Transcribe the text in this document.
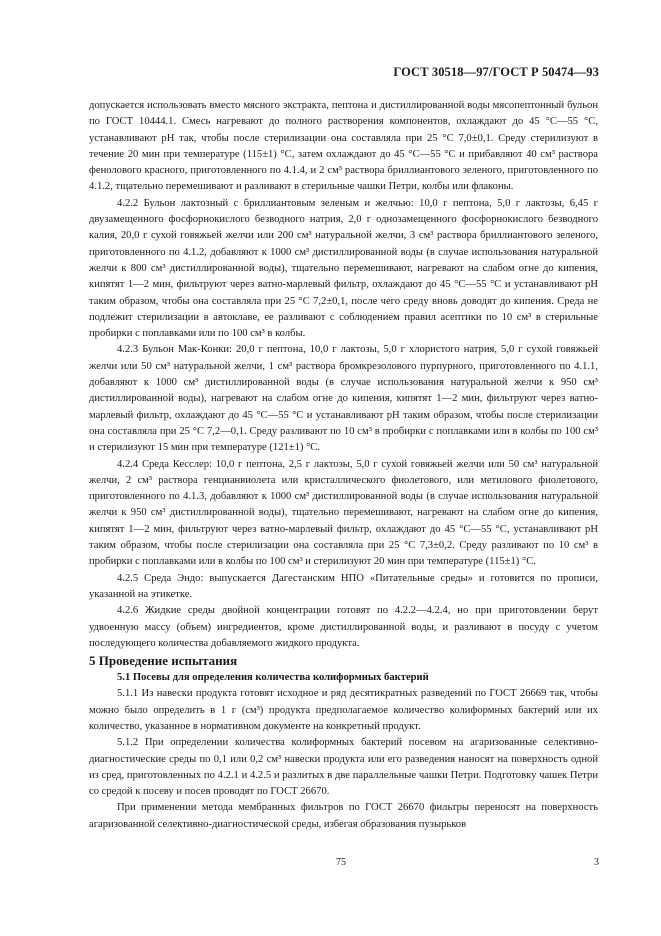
ГОСТ 30518—97/ГОСТ Р 50474—93

допускается использовать вместо мясного экстракта, пептона и дистиллированной воды мясопептонный бульон по ГОСТ 10444.1. Смесь нагревают до полного растворения компонентов, охлаждают до 45 °С—55 °С, устанавливают рН так, чтобы после стерилизации она составляла при 25 °С 7,0±0,1. Среду стерилизуют в течение 20 мин при температуре (115±1) °С, затем охлаждают до 45 °С—55 °С и прибавляют 40 см³ раствора фенолового красного, приготовленного по 4.1.4, и 2 см³ раствора бриллиантового зеленого, приготовленного по 4.1.2, тщательно перемешивают и разливают в стерильные чашки Петри, колбы или флаконы.

4.2.2 Бульон лактозный с бриллиантовым зеленым и желчью: 10,0 г пептона, 5,0 г лактозы, 6,45 г двузамещенного фосфорнокислого безводного натрия, 2,0 г однозамещенного фосфорнокислого безводного калия, 20,0 г сухой говяжьей желчи или 200 см³ натуральной желчи, 3 см³ раствора бриллиантового зеленого, приготовленного по 4.1.2, добавляют к 1000 см³ дистиллированной воды (в случае использования натуральной желчи к 800 см³ дистиллированной воды), тщательно перемешивают, нагревают на слабом огне до кипения, кипятят 1—2 мин, фильтруют через ватно-марлевый фильтр, охлаждают до 45 °С—55 °С и устанавливают рН таким образом, чтобы она составляла при 25 °С 7,2±0,1, после чего среду вновь доводят до кипения. Среда не подлежит стерилизации в автоклаве, ее разливают с соблюдением правил асептики по 10 см³ в стерильные пробирки с поплавками или по 100 см³ в колбы.

4.2.3 Бульон Мак-Конки: 20,0 г пептона, 10,0 г лактозы, 5,0 г хлористого натрия, 5,0 г сухой говяжьей желчи или 50 см³ натуральной желчи, 1 см³ раствора бромкрезолового пурпурного, приготовленного по 4.1.1, добавляют к 1000 см³ дистиллированной воды (в случае использования натуральной желчи к 950 см³ дистиллированной воды), нагревают на слабом огне до кипения, кипятят 1—2 мин, фильтруют через ватно-марлевый фильтр, охлаждают до 45 °С—55 °С и устанавливают рН таким образом, чтобы после стерилизации она составляла при 25 °С 7,2—0,1. Среду разливают по 10 см³ в пробирки с поплавками или в колбы по 100 см³ и стерилизуют 15 мин при температуре (121±1) °С.

4.2.4 Среда Кесслер: 10,0 г пептона, 2,5 г лактозы, 5,0 г сухой говяжьей желчи или 50 см³ натуральной желчи, 2 см³ раствора генцианвиолета или кристаллического фиолетового, или метилового фиолетового, приготовленного по 4.1.3, добавляют к 1000 см³ дистиллированной воды (в случае использования натуральной желчи к 950 см³ дистиллированной воды), тщательно перемешивают, нагревают на слабом огне до кипения, кипятят 1—2 мин, фильтруют через ватно-марлевый фильтр, охлаждают до 45 °С—55 °С, устанавливают рН таким образом, чтобы после стерилизации она составляла при 25 °С 7,3±0,2. Среду разливают по 10 см³ в пробирки с поплавками или в колбы по 100 см³ и стерилизуют 20 мин при температуре (115±1) °С.

4.2.5 Среда Эндо: выпускается Дагестанским НПО «Питательные среды» и готовится по прописи, указанной на этикетке.

4.2.6 Жидкие среды двойной концентрации готовят по 4.2.2—4.2.4, но при приготовлении берут удвоенную массу (объем) ингредиентов, кроме дистиллированной воды, и разливают в посуду с учетом последующего количества добавляемого жидкого продукта.

5 Проведение испытания

5.1 Посевы для определения количества колиформных бактерий

5.1.1 Из навески продукта готовят исходное и ряд десятикратных разведений по ГОСТ 26669 так, чтобы можно было определить в 1 г (см³) продукта предполагаемое количество колиформных бактерий или их количество, указанное в нормативном документе на конкретный продукт.

5.1.2 При определении количества колиформных бактерий посевом на агаризованные селективно-диагностические среды по 0,1 или 0,2 см³ навески продукта или его разведения наносят на поверхность одной из сред, приготовленных по 4.2.1 и 4.2.5 и разлитых в две параллельные чашки Петри. Подготовку чашек Петри со средой к посеву и посев проводят по ГОСТ 26670.

При применении метода мембранных фильтров по ГОСТ 26670 фильтры переносят на поверхность агаризованной селективно-диагностической среды, избегая образования пузырьков

75	3
